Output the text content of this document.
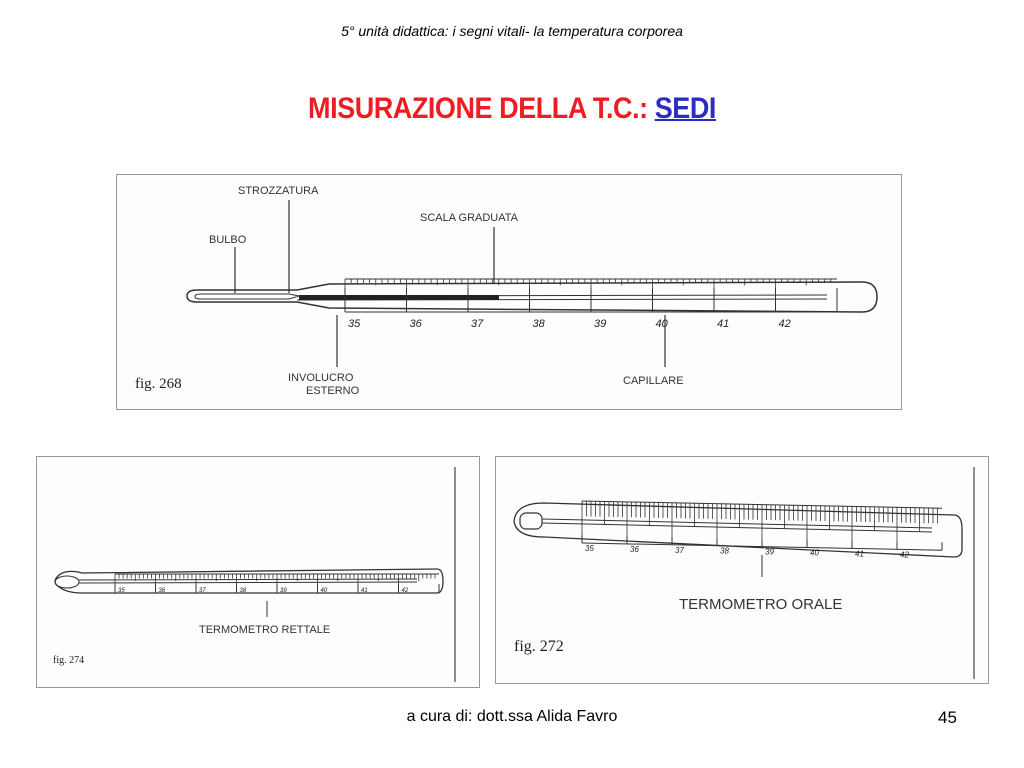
5° unità didattica: i segni vitali- la temperatura corporea
MISURAZIONE DELLA T.C.: SEDI
35	36	37	38	39	40	41	42
STROZZATURA
BULBO
SCALA GRADUATA
INVOLUCRO
ESTERNO
CAPILLARE
fig. 268
35	36	37	38	39	40	41	42
TERMOMETRO RETTALE
fig. 274
35	36	37	38	39	40	41	42
TERMOMETRO ORALE
fig. 272
a cura di: dott.ssa Alida Favro	45
